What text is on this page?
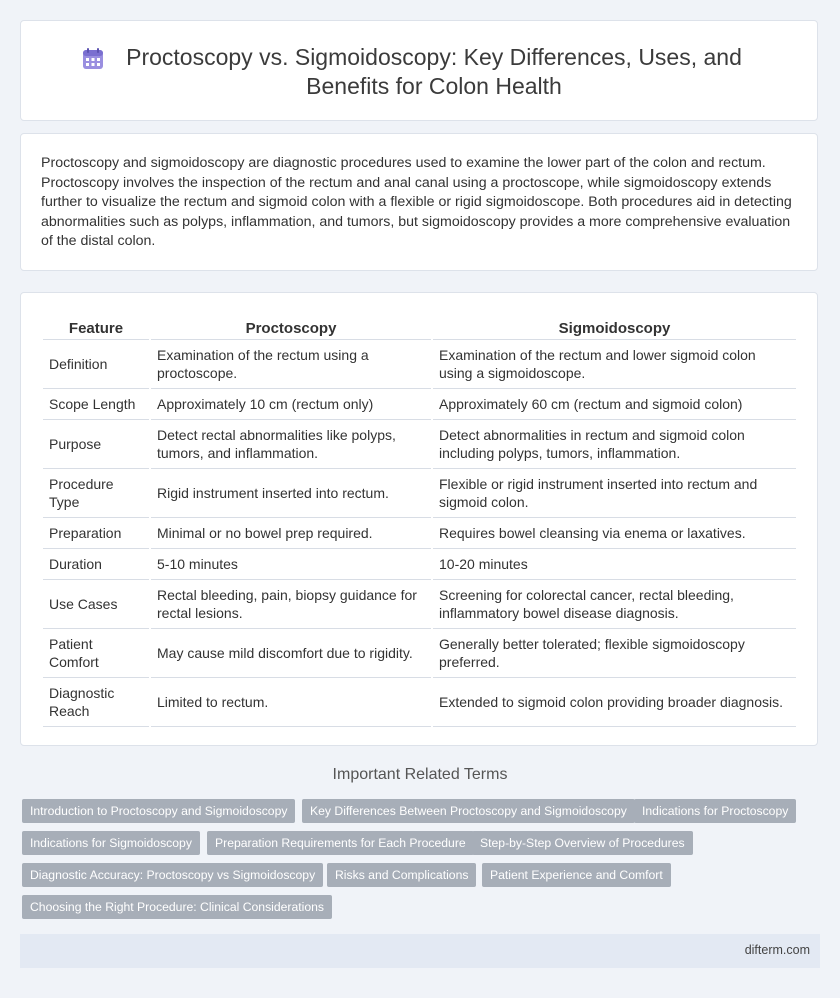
Proctoscopy vs. Sigmoidoscopy: Key Differences, Uses, and
Benefits for Colon Health

Proctoscopy and sigmoidoscopy are diagnostic procedures used to examine the lower part of the colon and rectum. Proctoscopy involves the inspection of the rectum and anal canal using a proctoscope, while sigmoidoscopy extends further to visualize the rectum and sigmoid colon with a flexible or rigid sigmoidoscope. Both procedures aid in detecting abnormalities such as polyps, inflammation, and tumors, but sigmoidoscopy provides a more comprehensive evaluation of the distal colon.

Feature	Proctoscopy	Sigmoidoscopy
Definition	Examination of the rectum using a proctoscope.	Examination of the rectum and lower sigmoid colon using a sigmoidoscope.
Scope Length	Approximately 10 cm (rectum only)	Approximately 60 cm (rectum and sigmoid colon)
Purpose	Detect rectal abnormalities like polyps, tumors, and inflammation.	Detect abnormalities in rectum and sigmoid colon including polyps, tumors, inflammation.
Procedure Type	Rigid instrument inserted into rectum.	Flexible or rigid instrument inserted into rectum and sigmoid colon.
Preparation	Minimal or no bowel prep required.	Requires bowel cleansing via enema or laxatives.
Duration	5-10 minutes	10-20 minutes
Use Cases	Rectal bleeding, pain, biopsy guidance for rectal lesions.	Screening for colorectal cancer, rectal bleeding, inflammatory bowel disease diagnosis.
Patient Comfort	May cause mild discomfort due to rigidity.	Generally better tolerated; flexible sigmoidoscopy preferred.
Diagnostic Reach	Limited to rectum.	Extended to sigmoid colon providing broader diagnosis.
Important Related Terms
Introduction to Proctoscopy and Sigmoidoscopy	Key Differences Between Proctoscopy and Sigmoidoscopy	Indications for Proctoscopy
Indications for Sigmoidoscopy	Preparation Requirements for Each Procedure	Step-by-Step Overview of Procedures
Diagnostic Accuracy: Proctoscopy vs Sigmoidoscopy	Risks and Complications	Patient Experience and Comfort
Choosing the Right Procedure: Clinical Considerations
difterm.com
